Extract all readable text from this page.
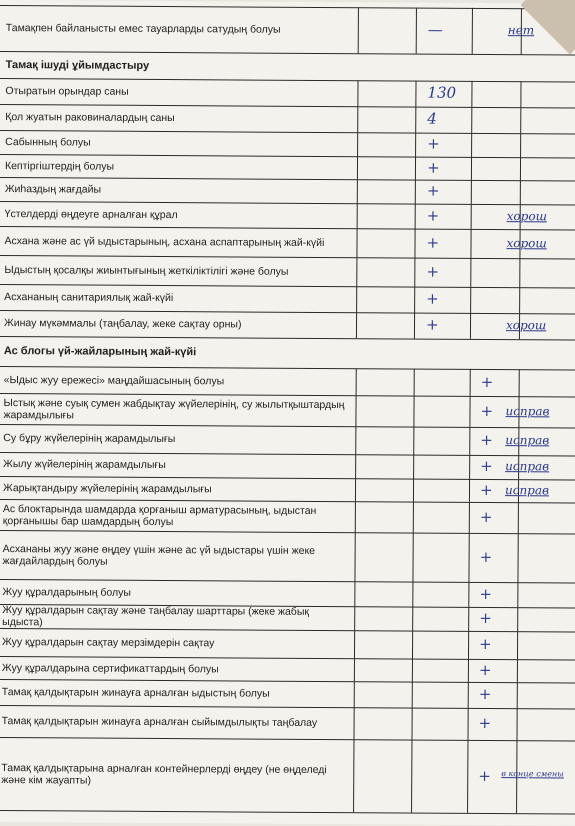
Тамақпен байланысты емес тауарларды сатудың болуы	—	нет
Тамақ ішуді ұйымдастыру
Отыратын орындар саны	130
Қол жуатын раковиналардың саны	4
Сабынның болуы	+
Кептіргіштердің болуы	+
Жиһаздың жағдайы	+
Үстелдерді өңдеуге арналған құрал	+	хорош
Асхана және ас үй ыдыстарының, асхана аспаптарының жай-күйі	+	хорош
Ыдыстың қосалқы жиынтығының жеткіліктілігі және болуы	+
Асхананың санитариялық жай-күйі	+
Жинау мүкәммалы (таңбалау, жеке сақтау орны)	+	хорош
Ас блогы үй-жайларының жай-күйі
«Ыдыс жуу ережесі» маңдайшасының болуы	+
Ыстық және суық сумен жабдықтау жүйелерінің, су жылытқыштардың жарамдылығы	+ исправ
Су бұру жүйелерінің жарамдылығы	+ исправ
Жылу жүйелерінің жарамдылығы	+ исправ
Жарықтандыру жүйелерінің жарамдылығы	+ исправ
Ас блоктарында шамдарда қорғаныш арматурасының, ыдыстан қорғанышы бар шамдардың болуы	+
Асхананы жуу және өңдеу үшін және ас үй ыдыстары үшін жеке жағдайлардың болуы	+
Жуу құралдарының болуы	+
Жуу құралдарын сақтау және таңбалау шарттары (жеке жабық ыдыста)	+
Жуу құралдарын сақтау мерзімдерін сақтау	+
Жуу құралдарына сертификаттардың болуы	+
Тамақ қалдықтарын жинауға арналған ыдыстың болуы	+
Тамақ қалдықтарын жинауға арналған сыйымдылықты таңбалау	+
Тамақ қалдықтарына арналған контейнерлерді өңдеу (не өңделеді және кім жауапты)	+ в конце смены
